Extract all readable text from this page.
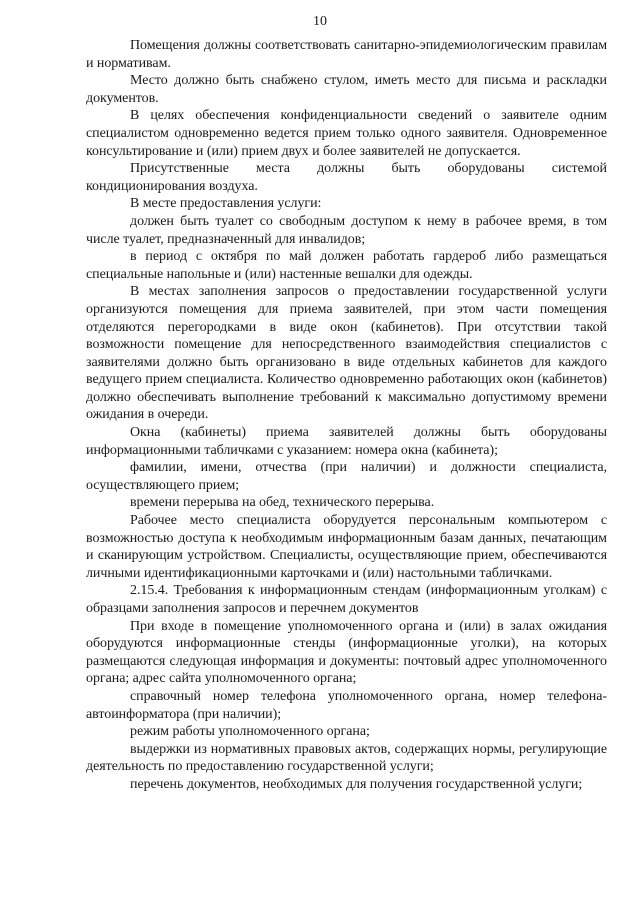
10

Помещения должны соответствовать санитарно-эпидемиологическим правилам и нормативам.

Место должно быть снабжено стулом, иметь место для письма и раскладки документов.

В целях обеспечения конфиденциальности сведений о заявителе одним специалистом одновременно ведется прием только одного заявителя. Одновременное консультирование и (или) прием двух и более заявителей не допускается.

Присутственные места должны быть оборудованы системой кондиционирования воздуха.

В месте предоставления услуги:

должен быть туалет со свободным доступом к нему в рабочее время, в том числе туалет, предназначенный для инвалидов;

в период с октября по май должен работать гардероб либо размещаться специальные напольные и (или) настенные вешалки для одежды.

В местах заполнения запросов о предоставлении государственной услуги организуются помещения для приема заявителей, при этом части помещения отделяются перегородками в виде окон (кабинетов). При отсутствии такой возможности помещение для непосредственного взаимодействия специалистов с заявителями должно быть организовано в виде отдельных кабинетов для каждого ведущего прием специалиста. Количество одновременно работающих окон (кабинетов) должно обеспечивать выполнение требований к максимально допустимому времени ожидания в очереди.

Окна (кабинеты) приема заявителей должны быть оборудованы информационными табличками с указанием: номера окна (кабинета);

фамилии, имени, отчества (при наличии) и должности специалиста, осуществляющего прием;

времени перерыва на обед, технического перерыва.

Рабочее место специалиста оборудуется персональным компьютером с возможностью доступа к необходимым информационным базам данных, печатающим и сканирующим устройством. Специалисты, осуществляющие прием, обеспечиваются личными идентификационными карточками и (или) настольными табличками.

2.15.4. Требования к информационным стендам (информационным уголкам) с образцами заполнения запросов и перечнем документов

При входе в помещение уполномоченного органа и (или) в залах ожидания оборудуются информационные стенды (информационные уголки), на которых размещаются следующая информация и документы: почтовый адрес уполномоченного органа; адрес сайта уполномоченного органа;

справочный номер телефона уполномоченного органа, номер телефона-автоинформатора (при наличии);

режим работы уполномоченного органа;

выдержки из нормативных правовых актов, содержащих нормы, регулирующие деятельность по предоставлению государственной услуги;

перечень документов, необходимых для получения государственной услуги;
